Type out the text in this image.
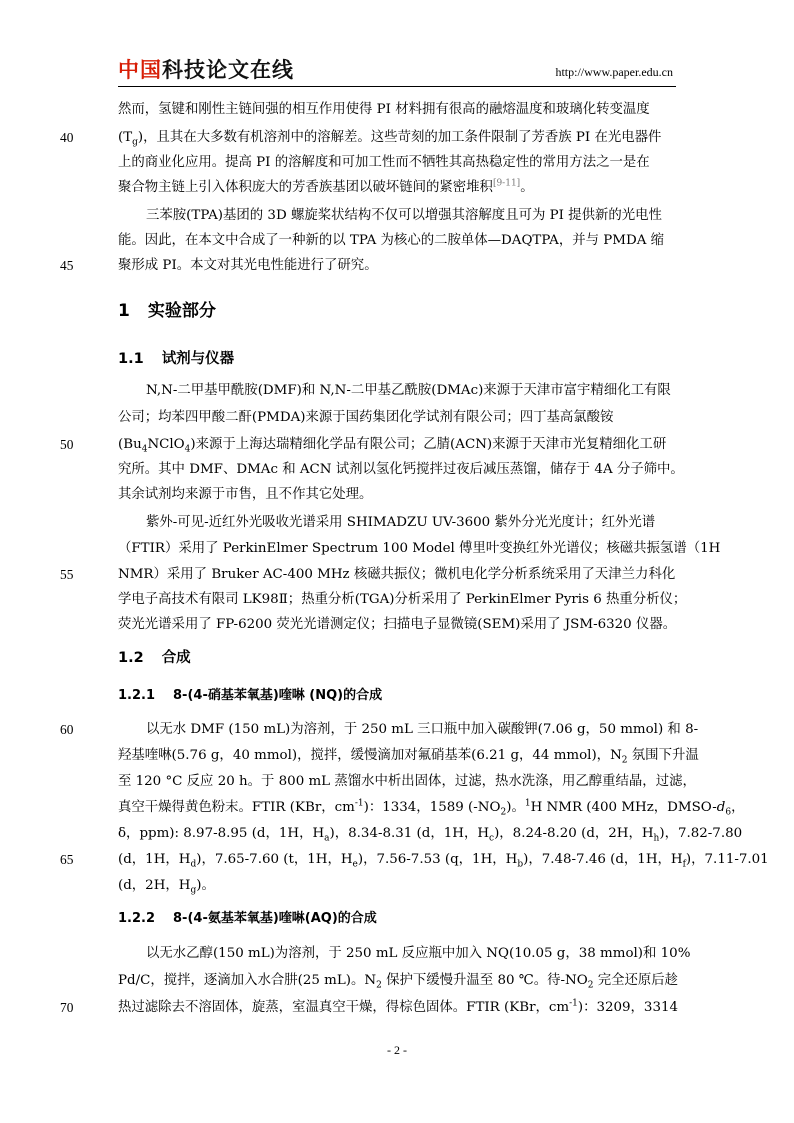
中国科技论文在线	http://www.paper.edu.cn
40
45
50
55
60
65
70
然而，氢键和刚性主链间强的相互作用使得 PI 材料拥有很高的融熔温度和玻璃化转变温度
$(T_g)$，且其在大多数有机溶剂中的溶解差。这些苛刻的加工条件限制了芳香族 PI 在光电器件
上的商业化应用。提高 PI 的溶解度和可加工性而不牺牲其高热稳定性的常用方法之一是在
聚合物主链上引入体积庞大的芳香族基团以破坏链间的紧密堆积[9-11]。
三苯胺(TPA)基团的 3D 螺旋桨状结构不仅可以增强其溶解度且可为 PI 提供新的光电性
能。因此，在本文中合成了一种新的以 TPA 为核心的二胺单体—DAQTPA，并与 PMDA 缩
聚形成 PI。本文对其光电性能进行了研究。
1 实验部分
1.1 试剂与仪器
N,N-二甲基甲酰胺(DMF)和 N,N-二甲基乙酰胺(DMAc)来源于天津市富宇精细化工有限
公司；均苯四甲酸二酐(PMDA)来源于国药集团化学试剂有限公司；四丁基高氯酸铵
$(Bu_4NClO_4)$来源于上海达瑞精细化学品有限公司；乙腈(ACN)来源于天津市光复精细化工研
究所。其中 DMF、DMAc 和 ACN 试剂以氢化钙搅拌过夜后减压蒸馏，储存于 4A 分子筛中。
其余试剂均来源于市售，且不作其它处理。
紫外-可见-近红外光吸收光谱采用 SHIMADZU UV-3600 紫外分光光度计；红外光谱
（FTIR）采用了 PerkinElmer Spectrum 100 Model 傅里叶变换红外光谱仪；核磁共振氢谱（1H
NMR）采用了 Bruker AC-400 MHz 核磁共振仪；微机电化学分析系统采用了天津兰力科化
学电子高技术有限司 LK98Ⅱ；热重分析(TGA)分析采用了 PerkinElmer Pyris 6 热重分析仪；
荧光光谱采用了 FP-6200 荧光光谱测定仪；扫描电子显微镜(SEM)采用了 JSM-6320 仪器。
1.2 合成
1.2.1 8-(4-硝基苯氧基)喹啉 (NQ)的合成
以无水 DMF (150 mL)为溶剂，于 250 mL 三口瓶中加入碳酸钾(7.06 g，50 mmol) 和 8-
羟基喹啉(5.76 g，40 mmol)，搅拌，缓慢滴加对氟硝基苯(6.21 g，44 mmol)，$N_2$ 氛围下升温
至 120 °C 反应 20 h。于 800 mL 蒸馏水中析出固体，过滤，热水洗涤，用乙醇重结晶，过滤，
真空干燥得黄色粉末。FTIR (KBr，$cm^{-1}$)：1334，1589 $(-NO_2)$。$^1$H NMR (400 MHz，DMSO-$d_6$，
δ，ppm): 8.97-8.95 (d，1H，$H_a$)，8.34-8.31 (d，1H，$H_c$)，8.24-8.20 (d，2H，$H_h$)，7.82-7.80
(d，1H，$H_d$)，7.65-7.60 (t，1H，$H_e$)，7.56-7.53 (q，1H，$H_b$)，7.48-7.46 (d，1H，$H_f$)，7.11-7.01
(d，2H，$H_g$)。
1.2.2 8-(4-氨基苯氧基)喹啉(AQ)的合成
以无水乙醇(150 mL)为溶剂，于 250 mL 反应瓶中加入 NQ(10.05 g，38 mmol)和 10%
Pd/C，搅拌，逐滴加入水合肼(25 mL)。$N_2$ 保护下缓慢升温至 80 ℃。待$-NO_2$ 完全还原后趁
热过滤除去不溶固体，旋蒸，室温真空干燥，得棕色固体。FTIR (KBr，$cm^{-1}$)：3209，3314
- 2 -
